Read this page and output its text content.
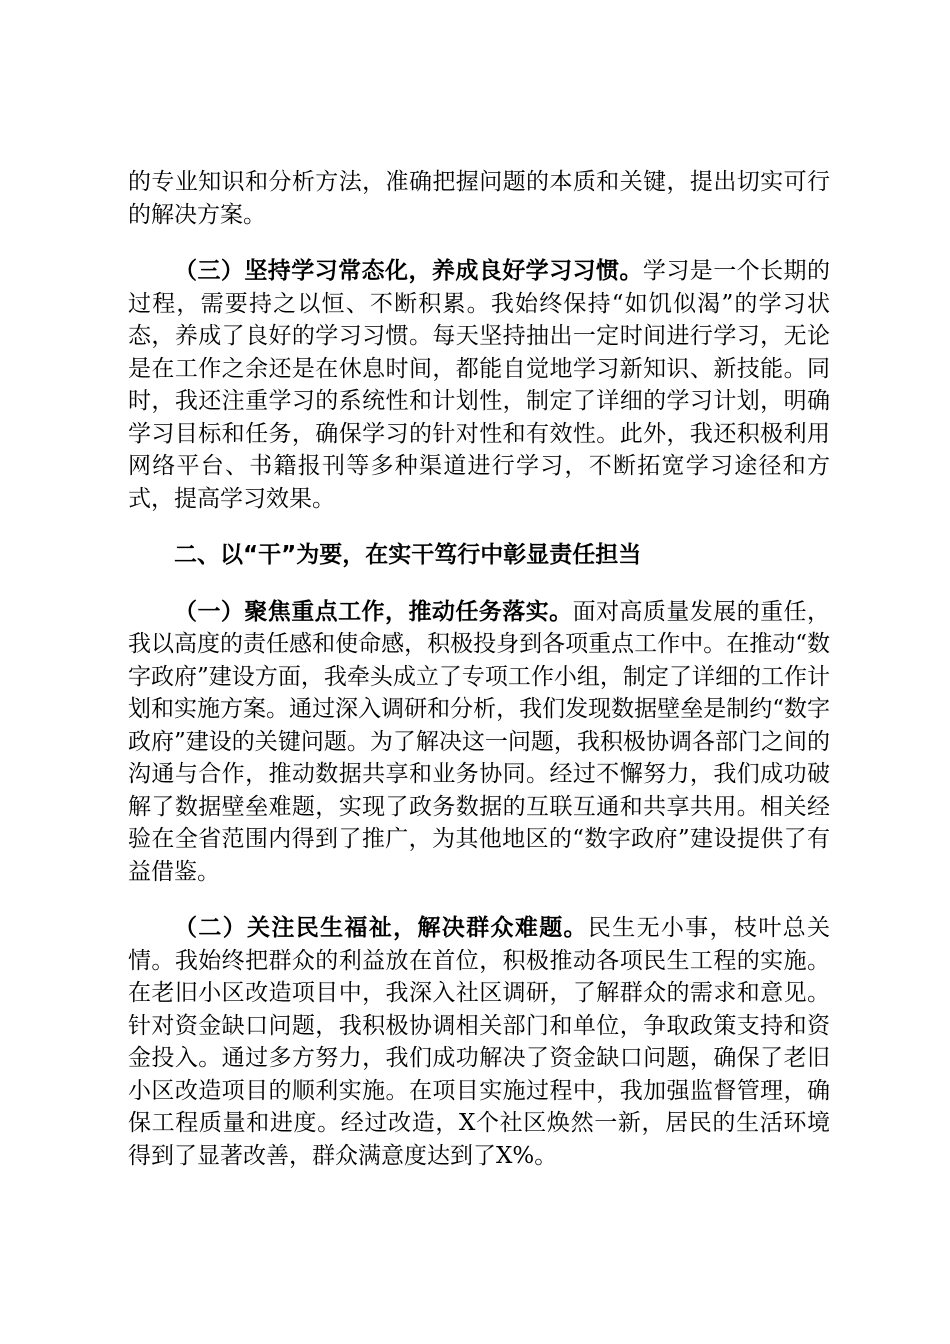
的专业知识和分析方法，准确把握问题的本质和关键，提出切实可行的解决方案。

（三）坚持学习常态化，养成良好学习习惯。学习是一个长期的过程，需要持之以恒、不断积累。我始终保持“如饥似渴”的学习状态，养成了良好的学习习惯。每天坚持抽出一定时间进行学习，无论是在工作之余还是在休息时间，都能自觉地学习新知识、新技能。同时，我还注重学习的系统性和计划性，制定了详细的学习计划，明确学习目标和任务，确保学习的针对性和有效性。此外，我还积极利用网络平台、书籍报刊等多种渠道进行学习，不断拓宽学习途径和方式，提高学习效果。

二、以“干”为要，在实干笃行中彰显责任担当

（一）聚焦重点工作，推动任务落实。面对高质量发展的重任，我以高度的责任感和使命感，积极投身到各项重点工作中。在推动“数字政府”建设方面，我牵头成立了专项工作小组，制定了详细的工作计划和实施方案。通过深入调研和分析，我们发现数据壁垒是制约“数字政府”建设的关键问题。为了解决这一问题，我积极协调各部门之间的沟通与合作，推动数据共享和业务协同。经过不懈努力，我们成功破解了数据壁垒难题，实现了政务数据的互联互通和共享共用。相关经验在全省范围内得到了推广，为其他地区的“数字政府”建设提供了有益借鉴。

（二）关注民生福祉，解决群众难题。民生无小事，枝叶总关情。我始终把群众的利益放在首位，积极推动各项民生工程的实施。在老旧小区改造项目中，我深入社区调研，了解群众的需求和意见。针对资金缺口问题，我积极协调相关部门和单位，争取政策支持和资金投入。通过多方努力，我们成功解决了资金缺口问题，确保了老旧小区改造项目的顺利实施。在项目实施过程中，我加强监督管理，确保工程质量和进度。经过改造，X个社区焕然一新，居民的生活环境得到了显著改善，群众满意度达到了X%。
